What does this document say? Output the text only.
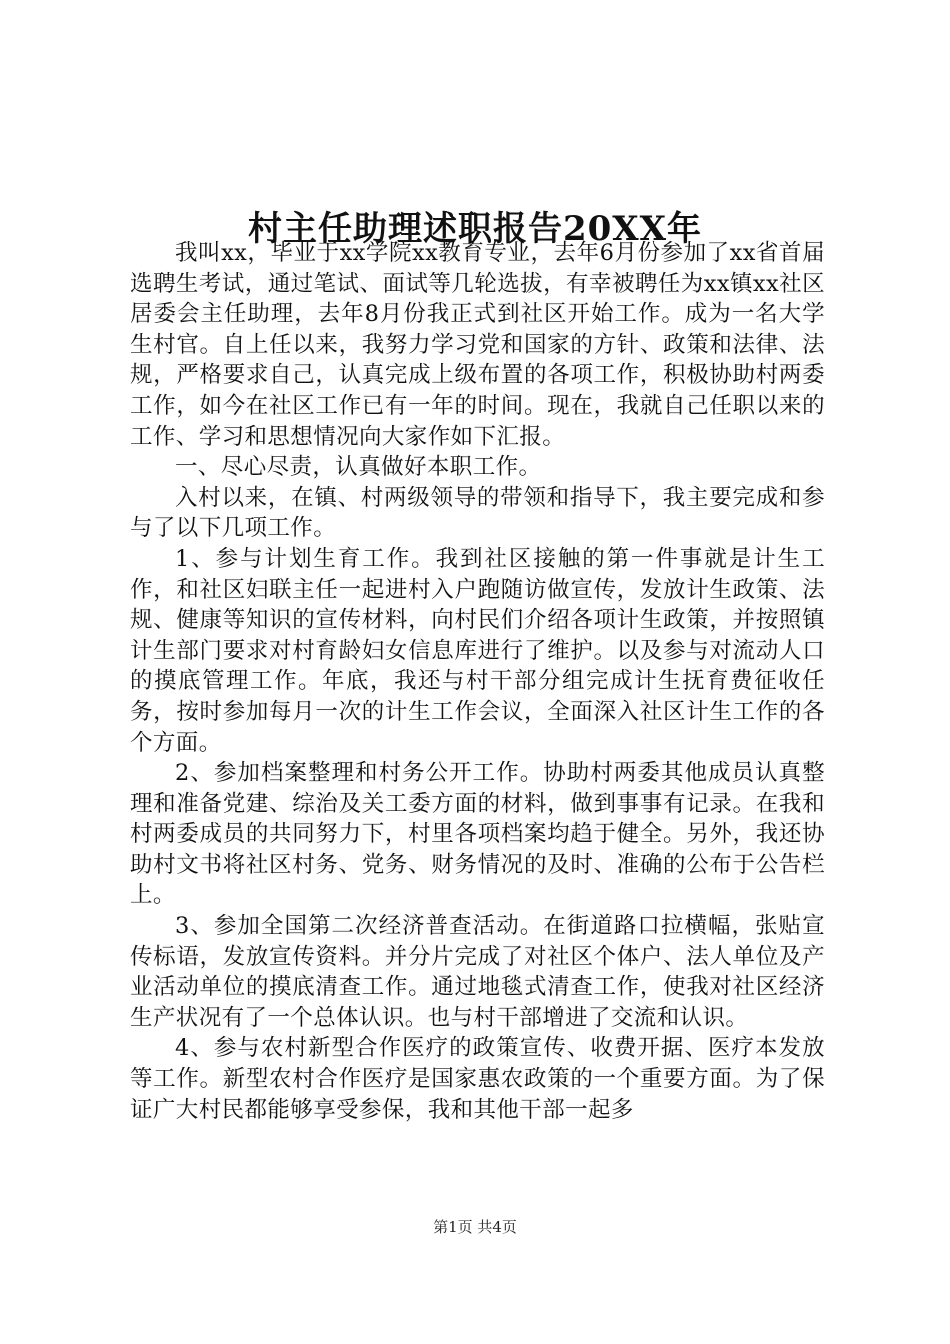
村主任助理述职报告20XX年

我叫xx，毕业于xx学院xx教育专业，去年6月份参加了xx省首届选聘生考试，通过笔试、面试等几轮选拔，有幸被聘任为xx镇xx社区居委会主任助理，去年8月份我正式到社区开始工作。成为一名大学生村官。自上任以来，我努力学习党和国家的方针、政策和法律、法规，严格要求自己，认真完成上级布置的各项工作，积极协助村两委工作，如今在社区工作已有一年的时间。现在，我就自己任职以来的工作、学习和思想情况向大家作如下汇报。

一、尽心尽责，认真做好本职工作。

入村以来，在镇、村两级领导的带领和指导下，我主要完成和参与了以下几项工作。

1、参与计划生育工作。我到社区接触的第一件事就是计生工作，和社区妇联主任一起进村入户跑随访做宣传，发放计生政策、法规、健康等知识的宣传材料，向村民们介绍各项计生政策，并按照镇计生部门要求对村育龄妇女信息库进行了维护。以及参与对流动人口的摸底管理工作。年底，我还与村干部分组完成计生抚育费征收任务，按时参加每月一次的计生工作会议，全面深入社区计生工作的各个方面。

2、参加档案整理和村务公开工作。协助村两委其他成员认真整理和准备党建、综治及关工委方面的材料，做到事事有记录。在我和村两委成员的共同努力下，村里各项档案均趋于健全。另外，我还协助村文书将社区村务、党务、财务情况的及时、准确的公布于公告栏上。

3、参加全国第二次经济普查活动。在街道路口拉横幅，张贴宣传标语，发放宣传资料。并分片完成了对社区个体户、法人单位及产业活动单位的摸底清查工作。通过地毯式清查工作，使我对社区经济生产状况有了一个总体认识。也与村干部增进了交流和认识。

4、参与农村新型合作医疗的政策宣传、收费开据、医疗本发放等工作。新型农村合作医疗是国家惠农政策的一个重要方面。为了保证广大村民都能够享受参保，我和其他干部一起多

第1页 共4页
